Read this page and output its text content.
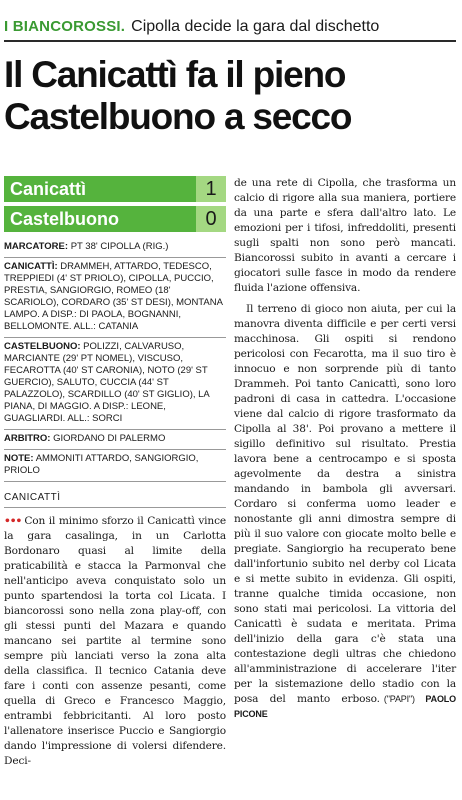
I BIANCOROSSI. Cipolla decide la gara dal dischetto
Il Canicattì fa il pieno
Castelbuono a secco
Canicattì	1
Castelbuono	0
MARCATORE: PT 38' CIPOLLA (RIG.)
CANICATTÌ: DRAMMEH, ATTARDO, TEDESCO, TREPPIEDI (4' ST PRIOLO), CIPOLLA, PUCCIO, PRESTIA, SANGIORGIO, ROMEO (18' SCARIOLO), CORDARO (35' ST DESI), MONTANA LAMPO. A DISP.: DI PAOLA, BOGNANNI, BELLOMONTE. ALL.: CATANIA
CASTELBUONO: POLIZZI, CALVARUSO, MARCIANTE (29' PT NOMEL), VISCUSO, FECAROTTA (40' ST CARONIA), NOTO (29' ST GUERCIO), SALUTO, CUCCIA (44' ST PALAZZOLO), SCARDILLO (40' ST GIGLIO), LA PIANA, DI MAGGIO. A DISP.: LEONE, GUAGLIARDI. ALL.: SORCI
ARBITRO: GIORDANO DI PALERMO
NOTE: AMMONITI ATTARDO, SANGIORGIO, PRIOLO
CANICATTÌ

••• Con il minimo sforzo il Canicattì vince la gara casalinga, in un Carlotta Bordonaro quasi al limite della praticabilità e stacca la Parmonval che nell'anticipo aveva conquistato solo un punto spartendosi la torta col Licata. I biancorossi sono nella zona play-off, con gli stessi punti del Mazara e quando mancano sei partite al termine sono sempre più lanciati verso la zona alta della classifica. Il tecnico Catania deve fare i conti con assenze pesanti, come quella di Greco e Francesco Maggio, entrambi febbricitanti. Al loro posto l'allenatore inserisce Puccio e Sangiorgio dando l'impressione di volersi difendere. Deci-

de una rete di Cipolla, che trasforma un calcio di rigore alla sua maniera, portiere da una parte e sfera dall'altro lato. Le emozioni per i tifosi, infreddoliti, presenti sugli spalti non sono però mancati. Biancorossi subito in avanti a cercare i giocatori sulle fasce in modo da rendere fluida l'azione offensiva.

Il terreno di gioco non aiuta, per cui la manovra diventa difficile e per certi versi macchinosa. Gli ospiti si rendono pericolosi con Fecarotta, ma il suo tiro è innocuo e non sorprende più di tanto Drammeh. Poi tanto Canicattì, sono loro padroni di casa in cattedra. L'occasione viene dal calcio di rigore trasformato da Cipolla al 38'. Poi provano a mettere il sigillo definitivo sul risultato. Prestia lavora bene a centrocampo e si sposta agevolmente da destra a sinistra mandando in bambola gli avversari. Cordaro si conferma uomo leader e nonostante gli anni dimostra sempre di più il suo valore con giocate molto belle e pregiate. Sangiorgio ha recuperato bene dall'infortunio subito nel derby col Licata e si mette subito in evidenza. Gli ospiti, tranne qualche timida occasione, non sono stati mai pericolosi. La vittoria del Canicattì è sudata e meritata. Prima dell'inizio della gara c'è stata una contestazione degli ultras che chiedono all'amministrazione di accelerare l'iter per la sistemazione dello stadio con la posa del manto erboso. ("PAPI") PAOLO PICONE
